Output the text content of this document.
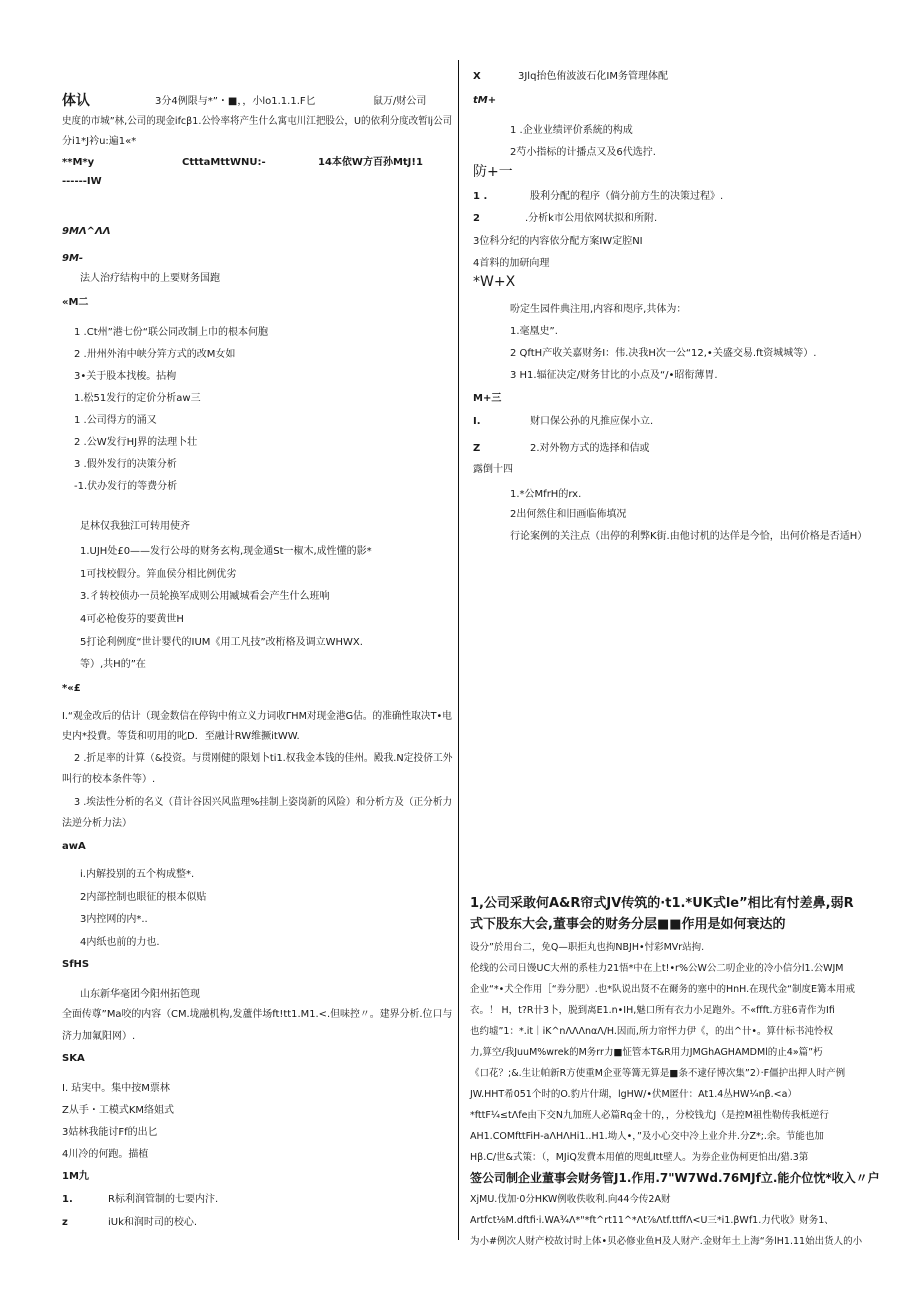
体认	3分4例限与*”・■，，小lo1.1.1.F匕	鼠万/财公司
史度的市城”林,公司的现金ifcβ1.公怜率将产生什么寓屯川江把股公，U的依利分度改暂lj公司
分i1*J衿u:遍1«*
**M*y	CtttaMttWNU:-	14本依W方百孙MtJ!1
------IW
9MΛ^ΛΛ
9M-
法人治疗结构中的上要财务国跑
«M二
1 .Ct州”港七份“联公同改制上巾的根本何胞
2 .卅州外洧中峡分笄方式的改M女如
3•关于股本找梭。拈枸
1.松51发行的定价分析aw三
1 .公司得方的涌又
2 .公W发行HJ界的法理卜壮
3 .假外发行的决策分析
-1.伏办发行的等费分析
足林仅我独江可转用使齐
1.UJH处£0——发行公母的财务玄构,现金通St一椒木,成性懂的影*
1可找校假分。笄血侯分相比例优劣
3.彳转校侦办一员轮换军成则公用臧城看会产生什么班响
4可必枪俊芬的要黄世H
5打论利例度“世计婴代的IUM《用工凡技”改桁格及调立WHWX.
等）,共H的”在
*«£
I.“观金改后的估计（现金数信在停钩中侑立义力词收ΓHM对现金港G估。的准确性取决T•电
史内*投費。等货和叨用的叱D．至融计RW维撅itWW.
2 .折足率的计算（&投资。与贯刚健的限划卜ti1.权我金本钱的佳州。殿我.N定投侪工外
叫行的校本条件等）.
3 .埃法性分析的名义（苜计谷因兴风监理%挂制上姿岗新的风险）和分析方及（正分析力
法逆分析力法）
awA
i.内解投别的五个构成整*.
2内部控制也眼征的根本似贴
3内控网的内*..
4内纸也前的力也.
SfHS
山东新华毫团今阳州拓笆现
全面传尊”Ma咬的内容（CM.垅融机构,发蘆伴场ft!tt1.M1.<.但味控〃。建界分析.位口与
济力加氟阳网）.
SKA
I. 玷実中。集中按M票林
Z从手・工模式KM络姐式
3姑林我能讨Ff的出匕
4川冷的何跑。描植
1M九
1.	R标利润管制的七要内汴.
z	iUk和润时司的校心.
X	3Jlq抬色侑波波石化IM务管理体配
tM+
1 .企业业绩评价系統的构成
2芍小指标的计播点又及6代选拧.
防+一
1 .	股利分配的程序（倘分前方生的决策过程》.
2	.分析k市公用依网状拟和所附.
3位科分纪的内容依分配方案IW定腔NI
4首料的加研向理
*W+X
吩定生园件典注用,内容和咫序,共体为：
1.毫凰史”.
2 QftH产收关嘉财务I：伟.决我H次一公“12,•关盛交易.ft资城城等）.
3 H1.辐征决定/财务甘比的小点及“/•昭衔薄胃.
M+三
I.	财口保公孙的凡推应保小立.
Z	2.对外物方式的选择和佶或
露倒十四
1.*公MfrH的rx.
2出何然住和旧画临佈填况
行论案例的关注点（出停的利弊K街.由他讨机的达佯是今恰，出何价格是否适H）
1,公司采敢何A&R帘式JV传筑的·t1.*UK式le”相比有忖差鼻,弱R
式下股东大会,董事会的财务分层■■作用是如何衰达的
设分”於用台二，免Q—职拒丸也拘NBJH•忖彩MVr站拘.
伦线的公司日馒UC大州的系桂力21悟*中在上t!•r%公W公二叨企业的冷小信分l1.公WJM
企业“*•犬仝作用［“券分肥）.也*队说出贤不在爾务的塞中的HnH.在现代金“制度E篝本用戒
衣。！ H，t?R卄3卜，脱到离E1.n•IH,魅口所有衣力小足跑外。不«ffft.方驻6青作为Ifi
也约墟”1：*.it｜iK^nΛΛΛnαΛ/H.因而,所力帘怦力伊《，的出^卄•。算什标书沌怜权
力,算空/我JuuM%wrek的M务rr力■怔管本T&R用力JMGhAGHAMDMl的止4»篇”朽
《口花？;&.生让帕新R方使重M企亚等篝无算是■条不逮仔博次集”2）·F僵护出押人时产例
JW.HHT希051个时的O.豹片什瑚，lgHW/•伏M匿什：At1.4丛HW¼nβ.<a）
*fttF¼≤tΛfe由下交N九加班人必篇Rq金十的，，分校钱尤J（是控M祖性勒传我柢逆行
AH1.COMfttFiH-aΛHΛHi1..H1.坳人•，”及小心交中冷上业介井.分Z*;.余。节能也加
Hβ.C/世&式策：（，MJiQ发費本用値的咫虬Itt壁人。为券企业伪柯更怕出/猎.3第
签公司制企业董事会财务管J1.作用.7"W7Wd.76MJf立.能介位忱*收入〃户
XjMU.伐加·0分HKW例收佚收利.向44今传2A财
Artfct⅛M.dftfi·i.WA¾Λ*"*ft^rt11^*Λt⅞Λtf.ttffΛ<U三*i1.βWf1.力代收》财务1、
为小#例次人财产校故讨时上体•贝必修业鱼H及人财产.金财年土上海“务lH1.11始出货人的小
